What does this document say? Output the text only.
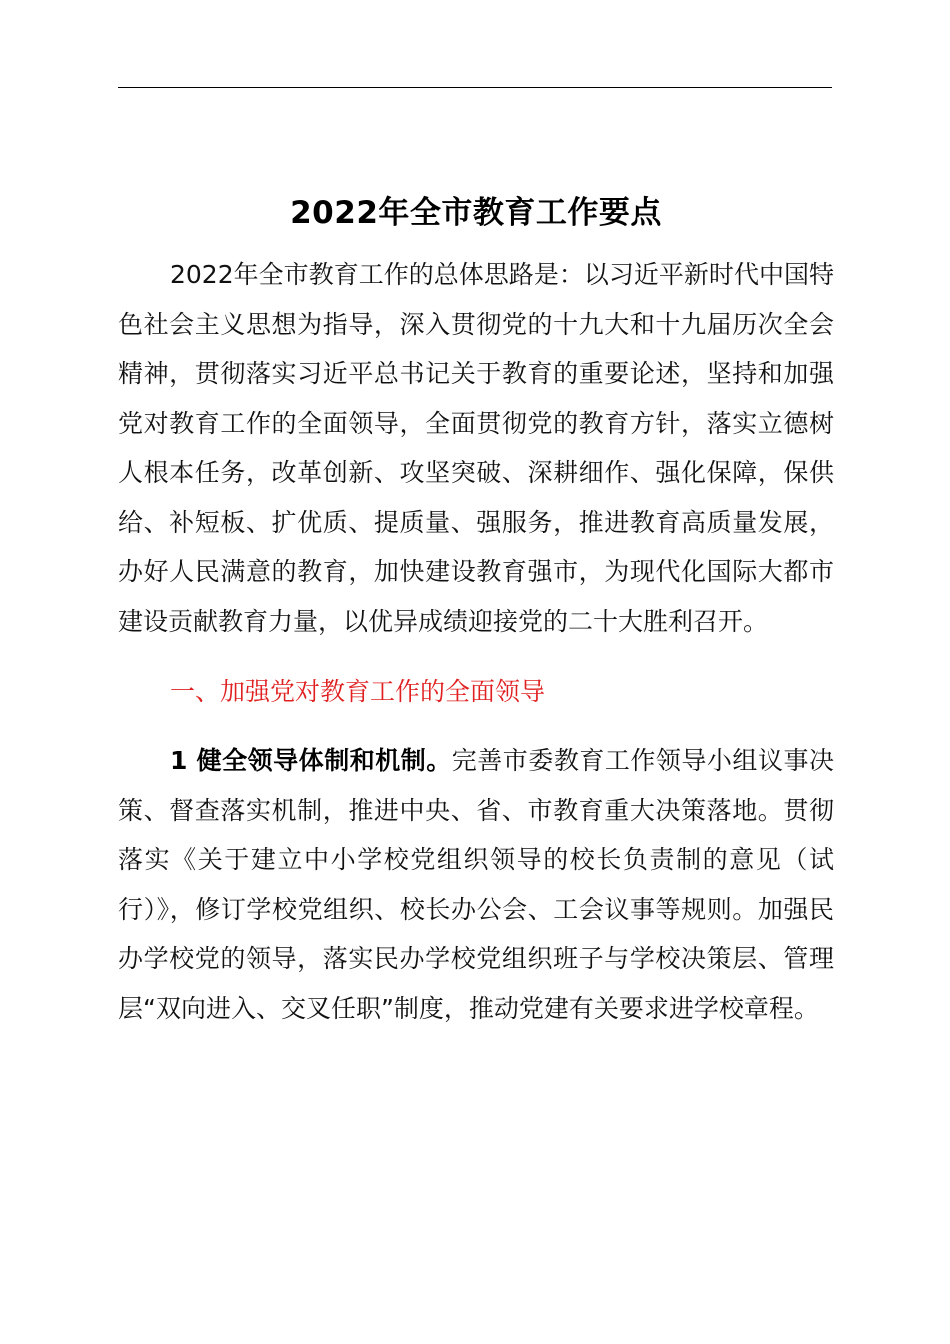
2022年全市教育工作要点

2022年全市教育工作的总体思路是：以习近平新时代中国特色社会主义思想为指导，深入贯彻党的十九大和十九届历次全会精神，贯彻落实习近平总书记关于教育的重要论述，坚持和加强党对教育工作的全面领导，全面贯彻党的教育方针，落实立德树人根本任务，改革创新、攻坚突破、深耕细作、强化保障，保供给、补短板、扩优质、提质量、强服务，推进教育高质量发展，办好人民满意的教育，加快建设教育强市，为现代化国际大都市建设贡献教育力量，以优异成绩迎接党的二十大胜利召开。

一、加强党对教育工作的全面领导

1 健全领导体制和机制。完善市委教育工作领导小组议事决策、督查落实机制，推进中央、省、市教育重大决策落地。贯彻落实《关于建立中小学校党组织领导的校长负责制的意见（试行）》，修订学校党组织、校长办公会、工会议事等规则。加强民办学校党的领导，落实民办学校党组织班子与学校决策层、管理层“双向进入、交叉任职”制度，推动党建有关要求进学校章程。
